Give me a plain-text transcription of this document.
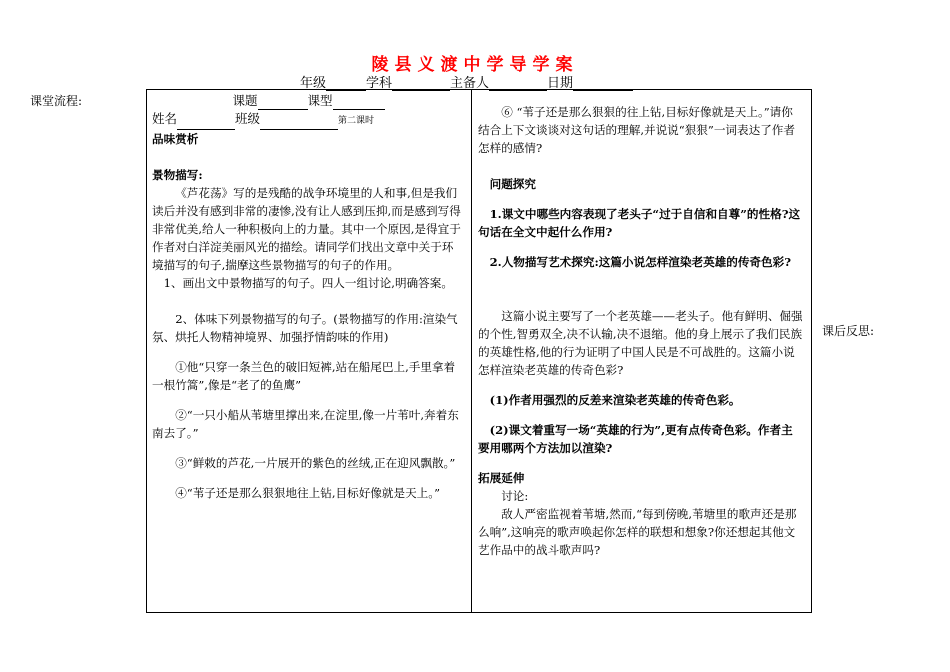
陵县义渡中学导学案
年级	学科	主备人	日期
课堂流程:
课后反思:
课题	课型
姓名	班级	第二课时

品味赏析

景物描写:

《芦花荡》写的是残酷的战争环境里的人和事,但是我们读后并没有感到非常的凄惨,没有让人感到压抑,而是感到写得非常优美,给人一种积极向上的力量。其中一个原因,是得宜于作者对白洋淀美丽风光的描绘。请同学们找出文章中关于环境描写的句子,揣摩这些景物描写的句子的作用。

1、画出文中景物描写的句子。四人一组讨论,明确答案。

2、体味下列景物描写的句子。(景物描写的作用:渲染气氛、烘托人物精神境界、加强抒情韵味的作用)

①他“只穿一条兰色的破旧短裤,站在船尾巴上,手里拿着一根竹篙”,像是“老了的鱼鹰”

②“一只小船从苇塘里撑出来,在淀里,像一片苇叶,奔着东南去了。”

③“鲜敕的芦花,一片展开的紫色的丝绒,正在迎风飘散。”

④“苇子还是那么狠狠地往上钻,目标好像就是天上。”

⑥ “苇子还是那么狠狠的往上钻,目标好像就是天上。”请你结合上下文谈谈对这句话的理解,并说说“狠狠”一词表达了作者怎样的感情?

问题探究

1.课文中哪些内容表现了老头子“过于自信和自尊”的性格?这句话在全文中起什么作用?

2.人物描写艺术探究:这篇小说怎样渲染老英雄的传奇色彩?

这篇小说主要写了一个老英雄——老头子。他有鲜明、倔强的个性,智勇双全,决不认输,决不退缩。他的身上展示了我们民族的英雄性格,他的行为证明了中国人民是不可战胜的。这篇小说怎样渲染老英雄的传奇色彩?

(1)作者用强烈的反差来渲染老英雄的传奇色彩。

(2)课文着重写一场“英雄的行为”,更有点传奇色彩。作者主要用哪两个方法加以渲染?

拓展延伸

讨论:

敌人严密监视着苇塘,然而,“每到傍晚,苇塘里的歌声还是那么响”,这响亮的歌声唤起你怎样的联想和想象?你还想起其他文艺作品中的战斗歌声吗?
